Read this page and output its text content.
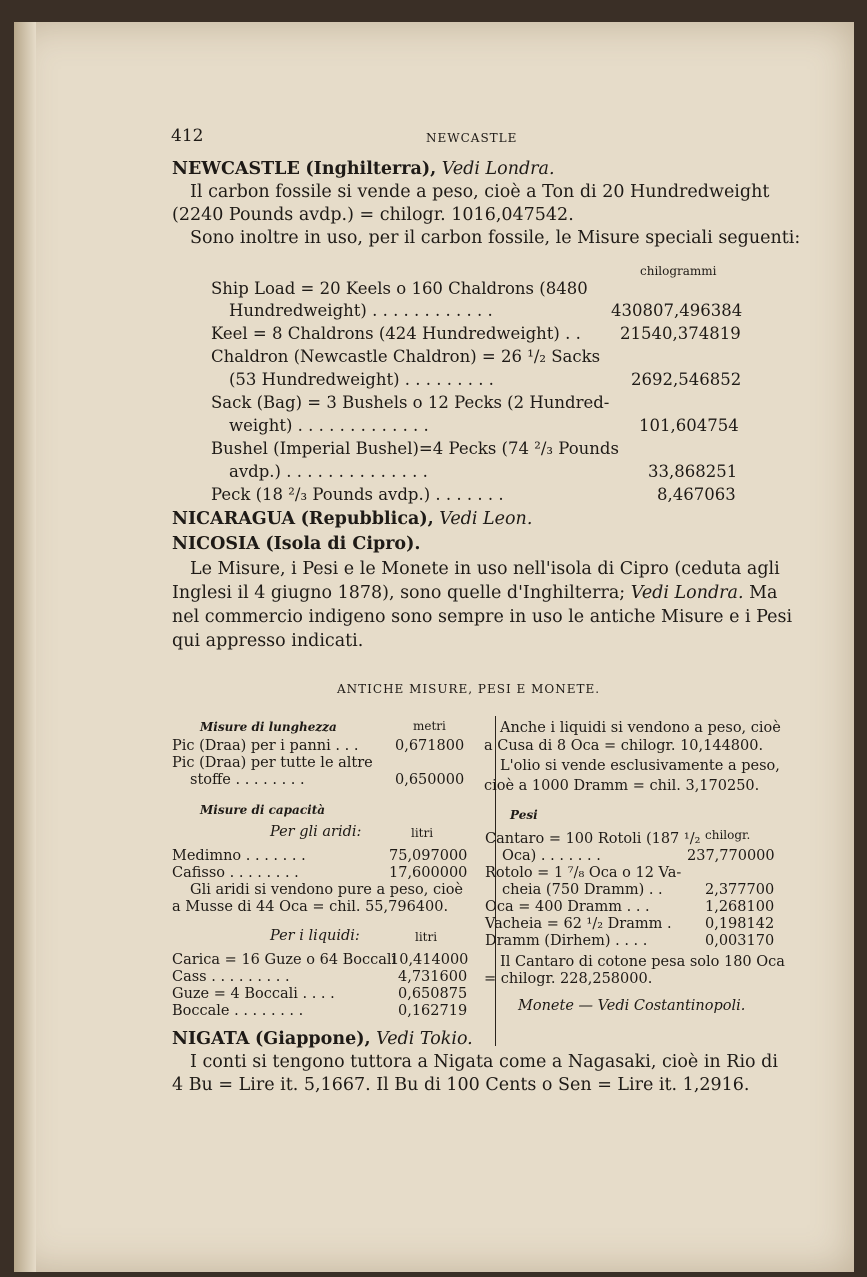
412	NEWCASTLE
NEWCASTLE (Inghilterra), Vedi Londra.
Il carbon fossile si vende a peso, cioè a Ton di 20 Hundredweight
(2240 Pounds avdp.) = chilogr. 1016,047542.
Sono inoltre in uso, per il carbon fossile, le Misure speciali seguenti:
chilogrammi
Ship Load = 20 Keels o 160 Chaldrons (8480
Hundredweight) . . . . . . . . . . . .	430807,496384
Keel = 8 Chaldrons (424 Hundredweight) . . 21540,374819
Chaldron (Newcastle Chaldron) = 26 ¹/₂ Sacks
(53 Hundredweight) . . . . . . . . .	2692,546852
Sack (Bag) = 3 Bushels o 12 Pecks (2 Hundred-
weight) . . . . . . . . . . . . .	101,604754
Bushel (Imperial Bushel)=4 Pecks (74 ²/₃ Pounds
avdp.) . . . . . . . . . . . . . .	33,868251
Peck (18 ²/₃ Pounds avdp.) . . . . . . .	8,467063
NICARAGUA (Repubblica), Vedi Leon.
NICOSIA (Isola di Cipro).
Le Misure, i Pesi e le Monete in uso nell'isola di Cipro (ceduta agli
Inglesi il 4 giugno 1878), sono quelle d'Inghilterra; Vedi Londra. Ma
nel commercio indigeno sono sempre in uso le antiche Misure e i Pesi
qui appresso indicati.
ANTICHE MISURE, PESI E MONETE.
Misure di lunghezza	metri
Pic (Draa) per i panni . . .	0,671800
Pic (Draa) per tutte le altre
stoffe . . . . . . . .	0,650000
Misure di capacità
Per gli aridi:	litri
Medimno . . . . . . .	75,097000
Cafisso . . . . . . . .	17,600000
Gli aridi si vendono pure a peso, cioè
a Musse di 44 Oca = chil. 55,796400.
Per i liquidi:	litri
Carica = 16 Guze o 64 Boccali
10,414000
Cass . . . . . . . . .	4,731600
Guze = 4 Boccali . . . .	0,650875
Boccale . . . . . . . .	0,162719
Anche i liquidi si vendono a peso, cioè
a Cusa di 8 Oca = chilogr. 10,144800.
L'olio si vende esclusivamente a peso,
cioè a 1000 Dramm = chil. 3,170250.
Pesi
chilogr.
Cantaro = 100 Rotoli (187 ¹/₂
Oca) . . . . . . .	237,770000
Rotolo = 1 ⁷/₈ Oca o 12 Va-
cheia (750 Dramm) . .	2,377700
Oca = 400 Dramm . . .	1,268100
Vacheia = 62 ¹/₂ Dramm . 0,198142
Dramm (Dirhem) . . . .	0,003170
Il Cantaro di cotone pesa solo 180 Oca
= chilogr. 228,258000.
Monete — Vedi Costantinopoli.
NIGATA (Giappone), Vedi Tokio.
I conti si tengono tuttora a Nigata come a Nagasaki, cioè in Rio di
4 Bu = Lire it. 5,1667. Il Bu di 100 Cents o Sen = Lire it. 1,2916.
